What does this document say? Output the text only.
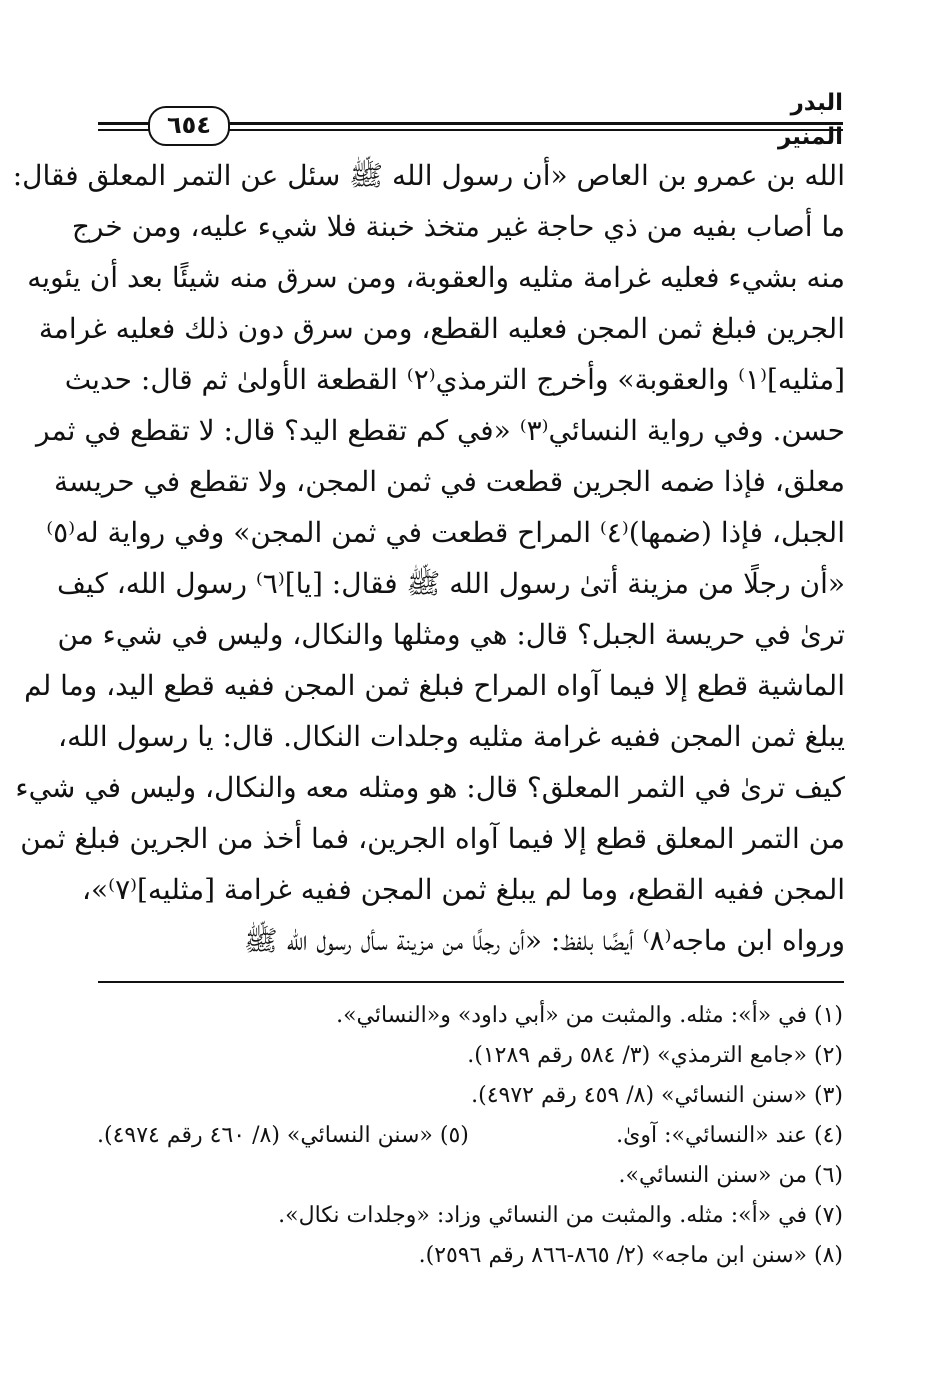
البدر المنير
٦٥٤
الله بن عمرو بن العاص «أن رسول الله ﷺ سئل عن التمر المعلق فقال:
ما أصاب بفيه من ذي حاجة غير متخذ خبنة فلا شيء عليه، ومن خرج
منه بشيء فعليه غرامة مثليه والعقوبة، ومن سرق منه شيئًا بعد أن يئويه
الجرين فبلغ ثمن المجن فعليه القطع، ومن سرق دون ذلك فعليه غرامة
[مثليه]⁽١⁾ والعقوبة» وأخرج الترمذي⁽٢⁾ القطعة الأولىٰ ثم قال: حديث
حسن. وفي رواية النسائي⁽٣⁾ «في كم تقطع اليد؟ قال: لا تقطع في ثمر
معلق، فإذا ضمه الجرين قطعت في ثمن المجن، ولا تقطع في حريسة
الجبل، فإذا (ضمها)⁽٤⁾ المراح قطعت في ثمن المجن» وفي رواية له⁽٥⁾
«أن رجلًا من مزينة أتىٰ رسول الله ﷺ فقال: [يا]⁽٦⁾ رسول الله، كيف
ترىٰ في حريسة الجبل؟ قال: هي ومثلها والنكال، وليس في شيء من
الماشية قطع إلا فيما آواه المراح فبلغ ثمن المجن ففيه قطع اليد، وما لم
يبلغ ثمن المجن ففيه غرامة مثليه وجلدات النكال. قال: يا رسول الله،
كيف ترىٰ في الثمر المعلق؟ قال: هو ومثله معه والنكال، وليس في شيء
من التمر المعلق قطع إلا فيما آواه الجرين، فما أخذ من الجرين فبلغ ثمن
المجن ففيه القطع، وما لم يبلغ ثمن المجن ففيه غرامة [مثليه]⁽٧⁾»،
ورواه ابن ماجه⁽٨⁾ أيضًا بلفظ: «أن رجلًا من مزينة سأل رسول الله ﷺ
(١) في «أ»: مثله. والمثبت من «أبي داود» و«النسائي».
(٢) «جامع الترمذي» (٣/ ٥٨٤ رقم ١٢٨٩).
(٣) «سنن النسائي» (٨/ ٤٥٩ رقم ٤٩٧٢).
(٤) عند «النسائي»: آوىٰ.
(٥) «سنن النسائي» (٨/ ٤٦٠ رقم ٤٩٧٤).
(٦) من «سنن النسائي».
(٧) في «أ»: مثله. والمثبت من النسائي وزاد: «وجلدات نكال».
(٨) «سنن ابن ماجه» (٢/ ٨٦٥-٨٦٦ رقم ٢٥٩٦).
